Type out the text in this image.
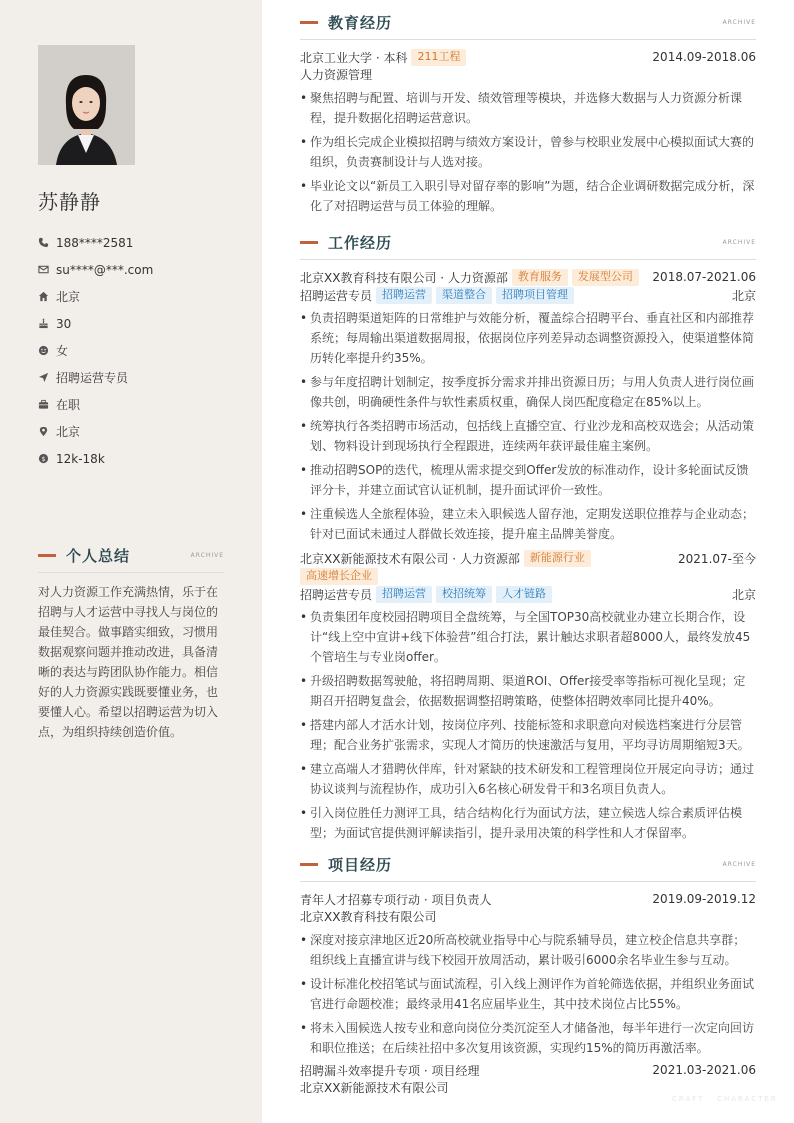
苏静静
188****2581
su****@***.com
北京
30
女
招聘运营专员
在职
北京
$ 12k-18k
个人总结	ARCHIVE
对人力资源工作充满热情，乐于在招聘与人才运营中寻找人与岗位的最佳契合。做事踏实细致，习惯用数据观察问题并推动改进，具备清晰的表达与跨团队协作能力。相信好的人力资源实践既要懂业务，也要懂人心。希望以招聘运营为切入点，为组织持续创造价值。
教育经历	ARCHIVE
北京工业大学 · 本科 211工程	2014.09-2018.06
人力资源管理
• 聚焦招聘与配置、培训与开发、绩效管理等模块，并选修大数据与人力资源分析课程，提升数据化招聘运营意识。
• 作为组长完成企业模拟招聘与绩效方案设计，曾参与校职业发展中心模拟面试大赛的组织，负责赛制设计与人选对接。
• 毕业论文以“新员工入职引导对留存率的影响”为题，结合企业调研数据完成分析，深化了对招聘运营与员工体验的理解。
工作经历	ARCHIVE
北京XX教育科技有限公司 · 人力资源部 教育服务	发展型公司	2018.07-2021.06
招聘运营专员 招聘运营	渠道整合	招聘项目管理	北京
• 负责招聘渠道矩阵的日常维护与效能分析，覆盖综合招聘平台、垂直社区和内部推荐系统；每周输出渠道数据周报，依据岗位序列差异动态调整资源投入，使渠道整体简历转化率提升约35%。
• 参与年度招聘计划制定，按季度拆分需求并排出资源日历；与用人负责人进行岗位画像共创，明确硬性条件与软性素质权重，确保人岗匹配度稳定在85%以上。
• 统筹执行各类招聘市场活动，包括线上直播空宣、行业沙龙和高校双选会；从活动策划、物料设计到现场执行全程跟进，连续两年获评最佳雇主案例。
• 推动招聘SOP的迭代，梳理从需求提交到Offer发放的标准动作，设计多轮面试反馈评分卡，并建立面试官认证机制，提升面试评价一致性。
• 注重候选人全旅程体验，建立未入职候选人留存池，定期发送职位推荐与企业动态；针对已面试未通过人群做长效连接，提升雇主品牌美誉度。
北京XX新能源技术有限公司 · 人力资源部 新能源行业	2021.07-至今
高速增长企业
招聘运营专员 招聘运营	校招统筹	人才链路	北京
• 负责集团年度校园招聘项目全盘统筹，与全国TOP30高校就业办建立长期合作，设计“线上空中宣讲+线下体验营”组合打法，累计触达求职者超8000人，最终发放45个管培生与专业岗offer。
• 升级招聘数据驾驶舱，将招聘周期、渠道ROI、Offer接受率等指标可视化呈现；定期召开招聘复盘会，依据数据调整招聘策略，使整体招聘效率同比提升40%。
• 搭建内部人才活水计划，按岗位序列、技能标签和求职意向对候选档案进行分层管理；配合业务扩张需求，实现人才简历的快速激活与复用，平均寻访周期缩短3天。
• 建立高端人才猎聘伙伴库，针对紧缺的技术研发和工程管理岗位开展定向寻访；通过协议谈判与流程协作，成功引入6名核心研发骨干和3名项目负责人。
• 引入岗位胜任力测评工具，结合结构化行为面试方法，建立候选人综合素质评估模型；为面试官提供测评解读指引，提升录用决策的科学性和人才保留率。
项目经历	ARCHIVE
青年人才招募专项行动 · 项目负责人	2019.09-2019.12
北京XX教育科技有限公司
• 深度对接京津地区近20所高校就业指导中心与院系辅导员，建立校企信息共享群；组织线上直播宣讲与线下校园开放周活动，累计吸引6000余名毕业生参与互动。
• 设计标准化校招笔试与面试流程，引入线上测评作为首轮筛选依据，并组织业务面试官进行命题校准；最终录用41名应届毕业生，其中技术岗位占比55%。
• 将未入围候选人按专业和意向岗位分类沉淀至人才储备池，每半年进行一次定向回访和职位推送；在后续社招中多次复用该资源，实现约15%的简历再激活率。
招聘漏斗效率提升专项 · 项目经理	2021.03-2021.06
北京XX新能源技术有限公司
CRAFT · CHARACTER
